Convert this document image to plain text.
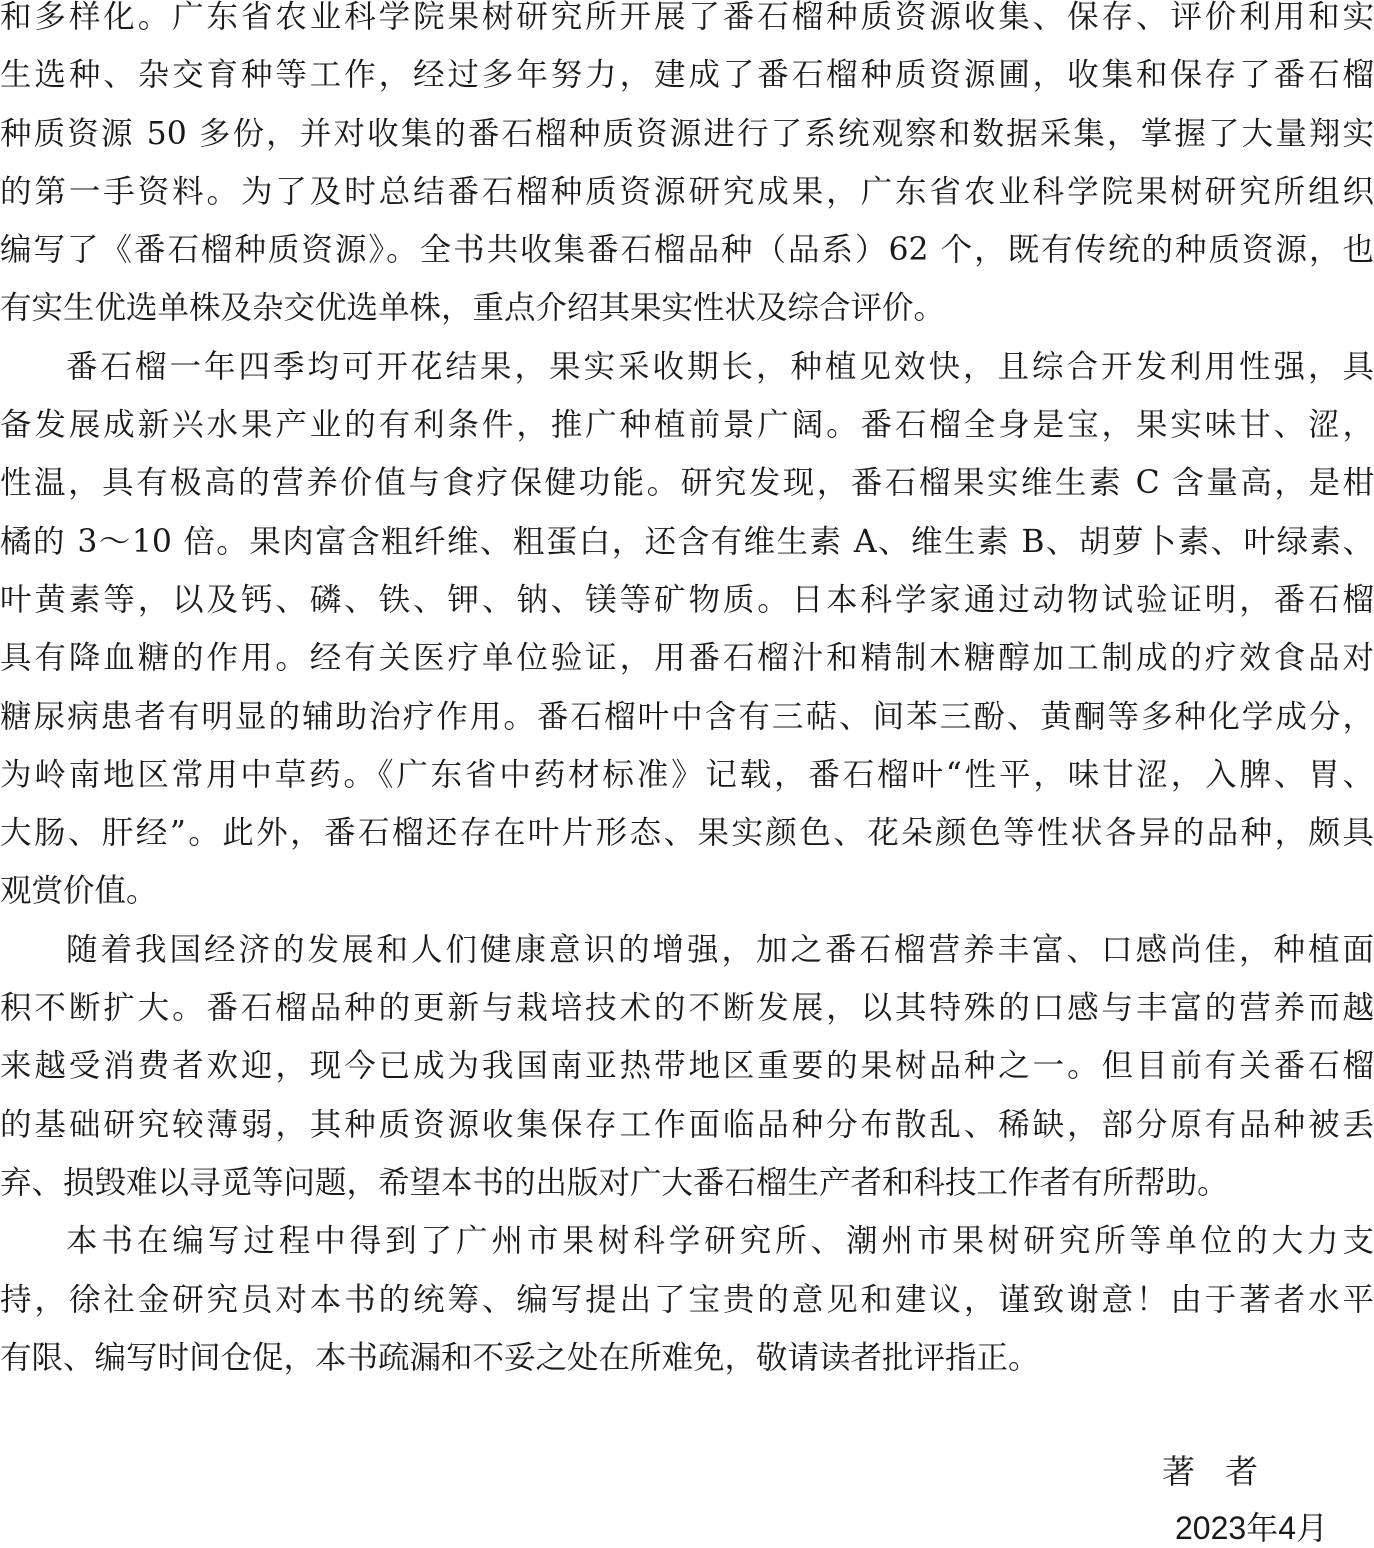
和多样化。广东省农业科学院果树研究所开展了番石榴种质资源收集、保存、评价利用和实
生选种、杂交育种等工作，经过多年努力，建成了番石榴种质资源圃，收集和保存了番石榴
种质资源 50 多份，并对收集的番石榴种质资源进行了系统观察和数据采集，掌握了大量翔实
的第一手资料。为了及时总结番石榴种质资源研究成果，广东省农业科学院果树研究所组织
编写了《番石榴种质资源》。全书共收集番石榴品种（品系）62 个，既有传统的种质资源，也
有实生优选单株及杂交优选单株，重点介绍其果实性状及综合评价。
番石榴一年四季均可开花结果，果实采收期长，种植见效快，且综合开发利用性强，具
备发展成新兴水果产业的有利条件，推广种植前景广阔。番石榴全身是宝，果实味甘、涩，
性温，具有极高的营养价值与食疗保健功能。研究发现，番石榴果实维生素 C 含量高，是柑
橘的 3～10 倍。果肉富含粗纤维、粗蛋白，还含有维生素 A、维生素 B、胡萝卜素、叶绿素、
叶黄素等，以及钙、磷、铁、钾、钠、镁等矿物质。日本科学家通过动物试验证明，番石榴
具有降血糖的作用。经有关医疗单位验证，用番石榴汁和精制木糖醇加工制成的疗效食品对
糖尿病患者有明显的辅助治疗作用。番石榴叶中含有三萜、间苯三酚、黄酮等多种化学成分，
为岭南地区常用中草药。《广东省中药材标准》记载，番石榴叶“性平，味甘涩，入脾、胃、
大肠、肝经”。此外，番石榴还存在叶片形态、果实颜色、花朵颜色等性状各异的品种，颇具
观赏价值。
随着我国经济的发展和人们健康意识的增强，加之番石榴营养丰富、口感尚佳，种植面
积不断扩大。番石榴品种的更新与栽培技术的不断发展，以其特殊的口感与丰富的营养而越
来越受消费者欢迎，现今已成为我国南亚热带地区重要的果树品种之一。但目前有关番石榴
的基础研究较薄弱，其种质资源收集保存工作面临品种分布散乱、稀缺，部分原有品种被丢
弃、损毁难以寻觅等问题，希望本书的出版对广大番石榴生产者和科技工作者有所帮助。
本书在编写过程中得到了广州市果树科学研究所、潮州市果树研究所等单位的大力支
持，徐社金研究员对本书的统筹、编写提出了宝贵的意见和建议，谨致谢意！由于著者水平
有限、编写时间仓促，本书疏漏和不妥之处在所难免，敬请读者批评指正。
著者
2023年4月
